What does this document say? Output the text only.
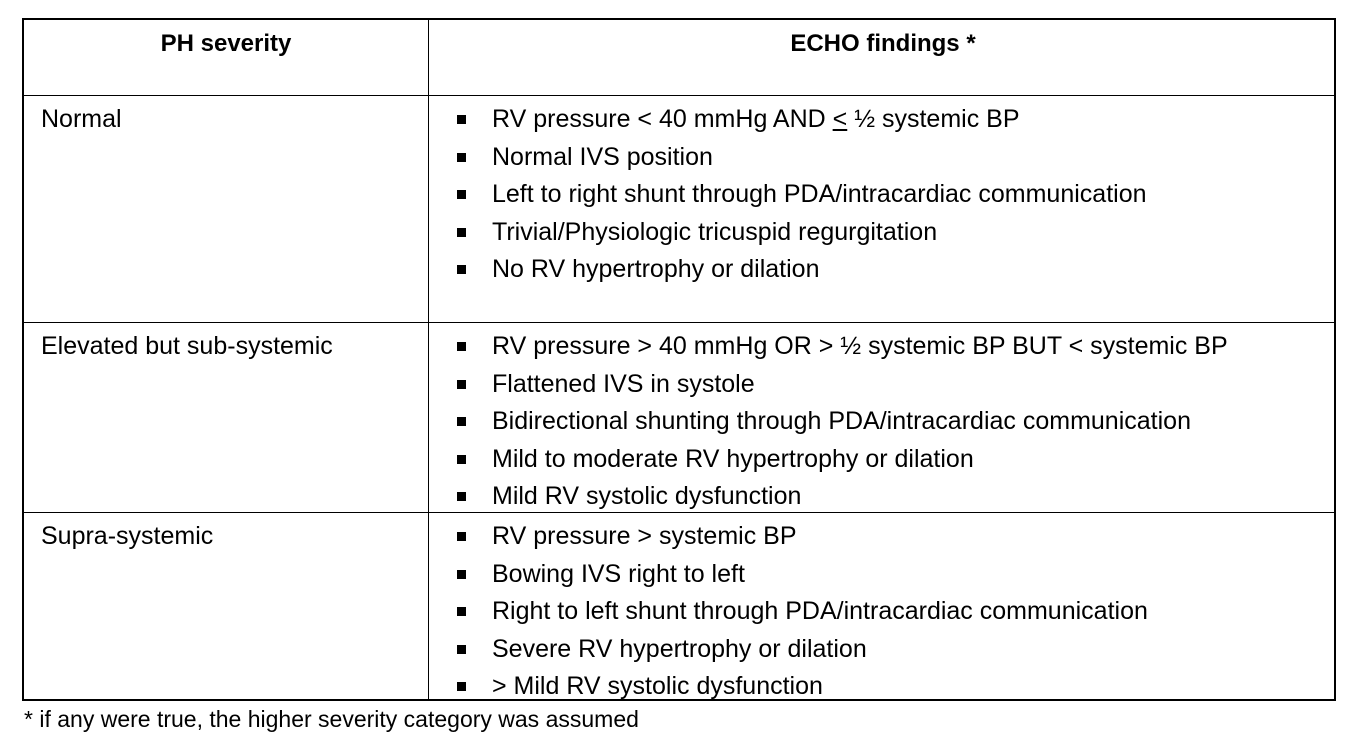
PH severity	ECHO findings *
Normal	RV pressure < 40 mmHg AND ≤ ½ systemic BP
Normal IVS position
Left to right shunt through PDA/intracardiac communication
Trivial/Physiologic tricuspid regurgitation
No RV hypertrophy or dilation
Elevated but sub-systemic	RV pressure > 40 mmHg OR > ½ systemic BP BUT < systemic BP
Flattened IVS in systole
Bidirectional shunting through PDA/intracardiac communication
Mild to moderate RV hypertrophy or dilation
Mild RV systolic dysfunction
Supra-systemic	RV pressure > systemic BP
Bowing IVS right to left
Right to left shunt through PDA/intracardiac communication
Severe RV hypertrophy or dilation
> Mild RV systolic dysfunction
* if any were true, the higher severity category was assumed
